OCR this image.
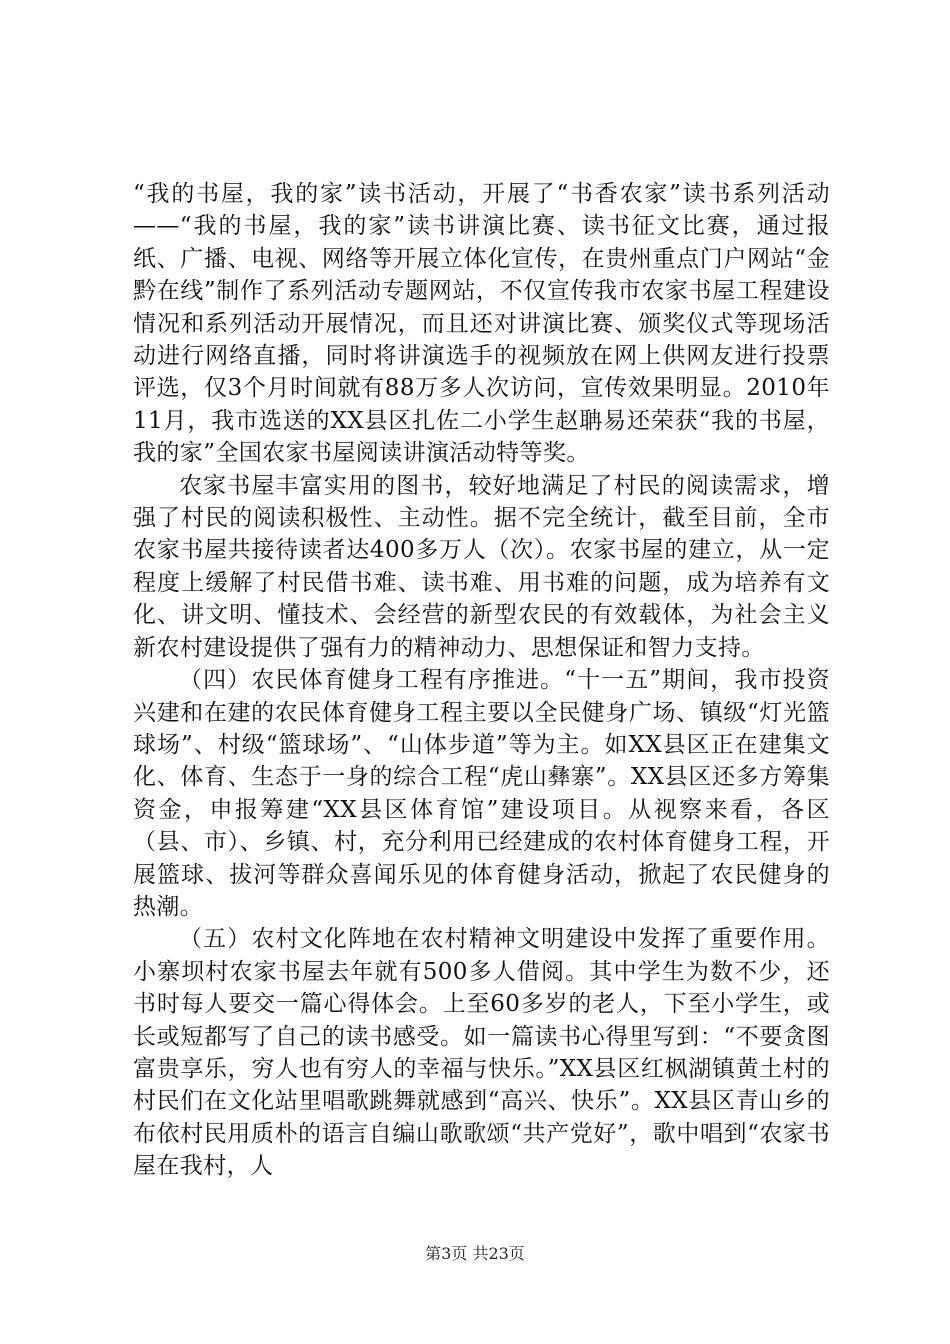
“我的书屋，我的家”读书活动，开展了“书香农家”读书系列活动——“我的书屋，我的家”读书讲演比赛、读书征文比赛，通过报纸、广播、电视、网络等开展立体化宣传，在贵州重点门户网站“金黔在线”制作了系列活动专题网站，不仅宣传我市农家书屋工程建设情况和系列活动开展情况，而且还对讲演比赛、颁奖仪式等现场活动进行网络直播，同时将讲演选手的视频放在网上供网友进行投票评选，仅3个月时间就有88万多人次访问，宣传效果明显。2010年11月，我市选送的XX县区扎佐二小学生赵聃易还荣获“我的书屋，我的家”全国农家书屋阅读讲演活动特等奖。

农家书屋丰富实用的图书，较好地满足了村民的阅读需求，增强了村民的阅读积极性、主动性。据不完全统计，截至目前，全市农家书屋共接待读者达400多万人（次）。农家书屋的建立，从一定程度上缓解了村民借书难、读书难、用书难的问题，成为培养有文化、讲文明、懂技术、会经营的新型农民的有效载体，为社会主义新农村建设提供了强有力的精神动力、思想保证和智力支持。

（四）农民体育健身工程有序推进。“十一五”期间，我市投资兴建和在建的农民体育健身工程主要以全民健身广场、镇级“灯光篮球场”、村级“篮球场”、“山体步道”等为主。如XX县区正在建集文化、体育、生态于一身的综合工程“虎山彝寨”。XX县区还多方筹集资金，申报筹建“XX县区体育馆”建设项目。从视察来看，各区（县、市）、乡镇、村，充分利用已经建成的农村体育健身工程，开展篮球、拔河等群众喜闻乐见的体育健身活动，掀起了农民健身的热潮。

（五）农村文化阵地在农村精神文明建设中发挥了重要作用。小寨坝村农家书屋去年就有500多人借阅。其中学生为数不少，还书时每人要交一篇心得体会。上至60多岁的老人，下至小学生，或长或短都写了自己的读书感受。如一篇读书心得里写到：“不要贪图富贵享乐，穷人也有穷人的幸福与快乐。”XX县区红枫湖镇黄土村的村民们在文化站里唱歌跳舞就感到“高兴、快乐”。XX县区青山乡的布依村民用质朴的语言自编山歌歌颂“共产党好”，歌中唱到“农家书屋在我村，人

第3页 共23页
